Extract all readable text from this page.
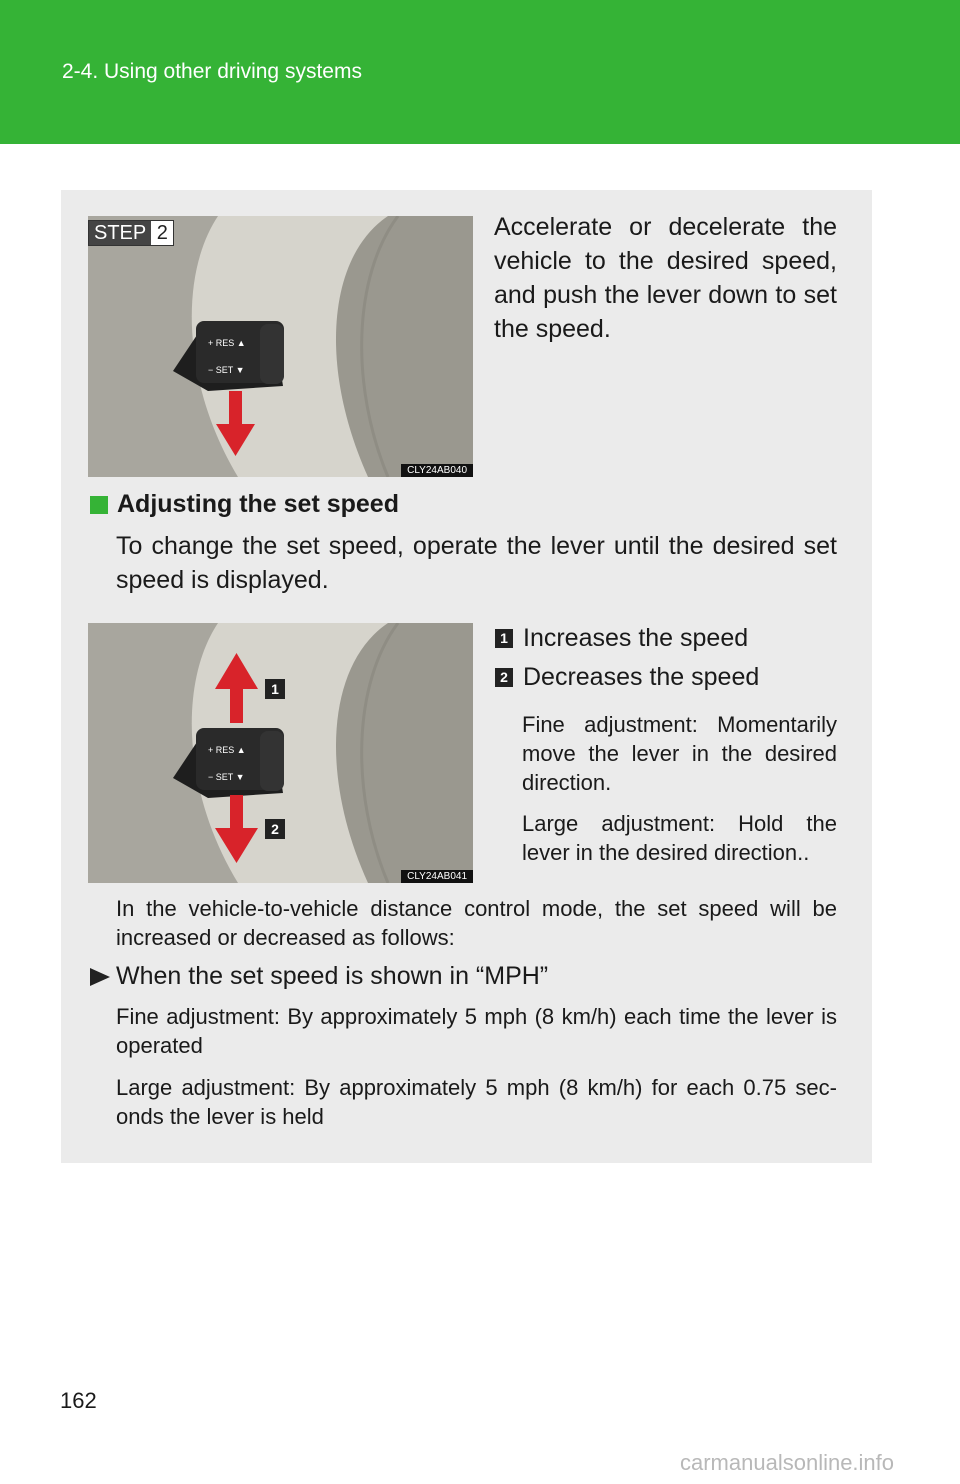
2-4. Using other driving systems
+ RES ▲
− SET ▼
STEP 2
CLY24AB040
Accelerate or decelerate the vehicle to the desired speed, and push the lever down to set the speed.
Adjusting the set speed
To change the set speed, operate the lever until the desired set speed is displayed.
+ RES ▲
− SET ▼
1
2
CLY24AB041
1 Increases the speed
2 Decreases the speed
Fine adjustment: Momentarily move the lever in the desired direction.
Large adjustment: Hold the lever in the desired direction..
In the vehicle-to-vehicle distance control mode, the set speed will be increased or decreased as follows:
When the set speed is shown in “MPH”
Fine adjustment: By approximately 5 mph (8 km/h) each time the lever is operated
Large adjustment: By approximately 5 mph (8 km/h) for each 0.75 sec- onds the lever is held
162
carmanualsonline.info
